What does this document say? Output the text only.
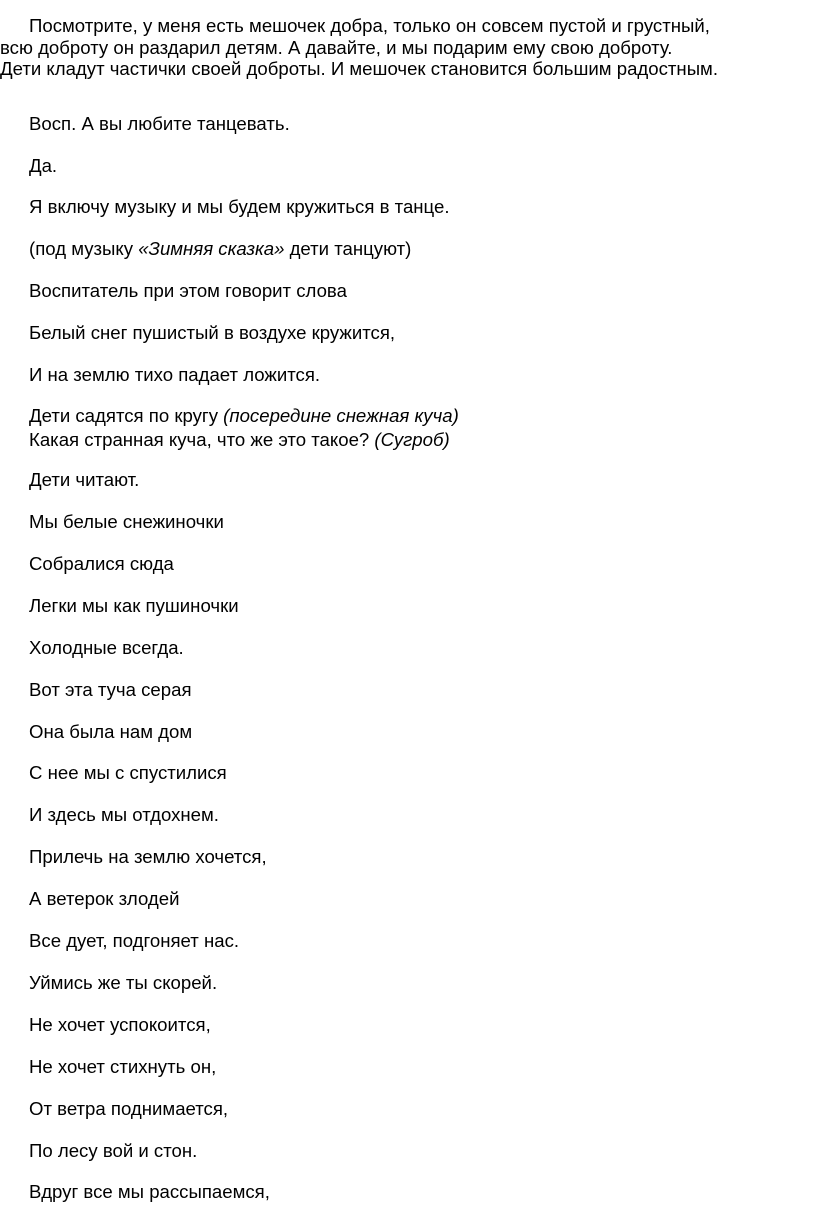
Посмотрите, у меня есть мешочек добра, только он совсем пустой и грустный,
всю доброту он раздарил детям. А давайте, и мы подарим ему свою доброту.
Дети кладут частички своей доброты. И мешочек становится большим радостным.
Восп. А вы любите танцевать.
Да.
Я включу музыку и мы будем кружиться в танце.
(под музыку «Зимняя сказка» дети танцуют)
Воспитатель при этом говорит слова
Белый снег пушистый в воздухе кружится,
И на землю тихо падает ложится.
Дети садятся по кругу (посередине снежная куча)
Какая странная куча, что же это такое? (Сугроб)
Дети читают.
Мы белые снежиночки
Собралися сюда
Легки мы как пушиночки
Холодные всегда.
Вот эта туча серая
Она была нам дом
С нее мы с спустилися
И здесь мы отдохнем.
Прилечь на землю хочется,
А ветерок злодей
Все дует, подгоняет нас.
Уймись же ты скорей.
Не хочет успокоится,
Не хочет стихнуть он,
От ветра поднимается,
По лесу вой и стон.
Вдруг все мы рассыпаемся,
